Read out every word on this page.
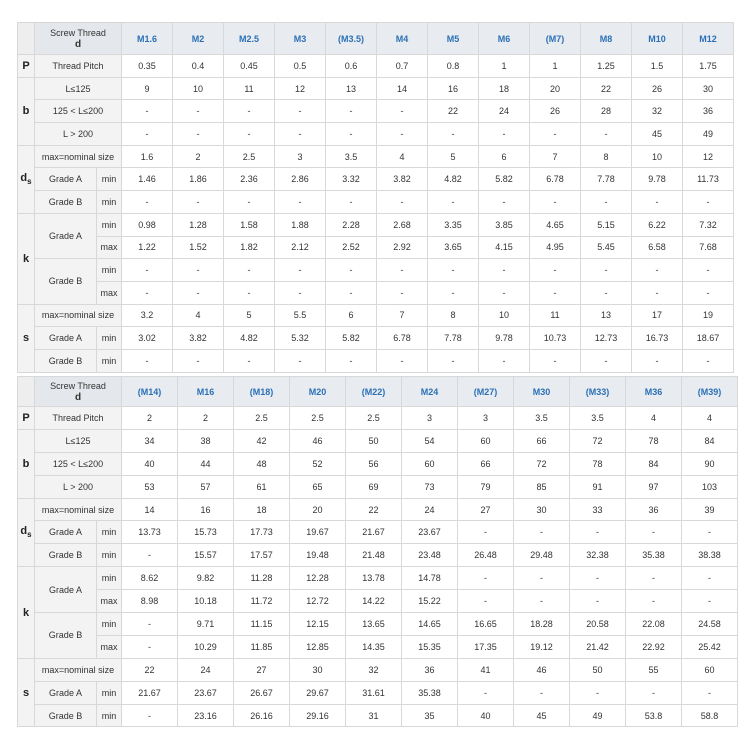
	Screw Thread
d		M1.6	M2	M2.5	M3	(M3.5)	M4	M5	M6	(M7)	M8	M10	M12
P	Thread Pitch		0.35	0.4	0.45	0.5	0.6	0.7	0.8	1	1	1.25	1.5	1.75
b	L≤125		9	10	11	12	13	14	16	18	20	22	26	30
	125 < L≤200		-	-	-	-	-	-	22	24	26	28	32	36
	L > 200		-	-	-	-	-	-	-	-	-	-	45	49
$d_s$	max=nominal size		1.6	2	2.5	3	3.5	4	5	6	7	8	10	12
	Grade A	min	1.46	1.86	2.36	2.86	3.32	3.82	4.82	5.82	6.78	7.78	9.78	11.73
	Grade B	min	-	-	-	-	-	-	-	-	-	-	-	-
k	Grade A	min	0.98	1.28	1.58	1.88	2.28	2.68	3.35	3.85	4.65	5.15	6.22	7.32
		max	1.22	1.52	1.82	2.12	2.52	2.92	3.65	4.15	4.95	5.45	6.58	7.68
	Grade B	min	-	-	-	-	-	-	-	-	-	-	-	-
		max	-	-	-	-	-	-	-	-	-	-	-	-
s	max=nominal size		3.2	4	5	5.5	6	7	8	10	11	13	17	19
	Grade A	min	3.02	3.82	4.82	5.32	5.82	6.78	7.78	9.78	10.73	12.73	16.73	18.67
	Grade B	min	-	-	-	-	-	-	-	-	-	-	-	-
	Screw Thread
d		(M14)	M16	(M18)	M20	(M22)	M24	(M27)	M30	(M33)	M36	(M39)
P	Thread Pitch		2	2	2.5	2.5	2.5	3	3	3.5	3.5	4	4
b	L≤125		34	38	42	46	50	54	60	66	72	78	84
	125 < L≤200		40	44	48	52	56	60	66	72	78	84	90
	L > 200		53	57	61	65	69	73	79	85	91	97	103
$d_s$	max=nominal size		14	16	18	20	22	24	27	30	33	36	39
	Grade A	min	13.73	15.73	17.73	19.67	21.67	23.67	-	-	-	-	-
	Grade B	min	-	15.57	17.57	19.48	21.48	23.48	26.48	29.48	32.38	35.38	38.38
k	Grade A	min	8.62	9.82	11.28	12.28	13.78	14.78	-	-	-	-	-
		max	8.98	10.18	11.72	12.72	14.22	15.22	-	-	-	-	-
	Grade B	min	-	9.71	11.15	12.15	13.65	14.65	16.65	18.28	20.58	22.08	24.58
		max	-	10.29	11.85	12.85	14.35	15.35	17.35	19.12	21.42	22.92	25.42
s	max=nominal size		22	24	27	30	32	36	41	46	50	55	60
	Grade A	min	21.67	23.67	26.67	29.67	31.61	35.38	-	-	-	-	-
	Grade B	min	-	23.16	26.16	29.16	31	35	40	45	49	53.8	58.8
